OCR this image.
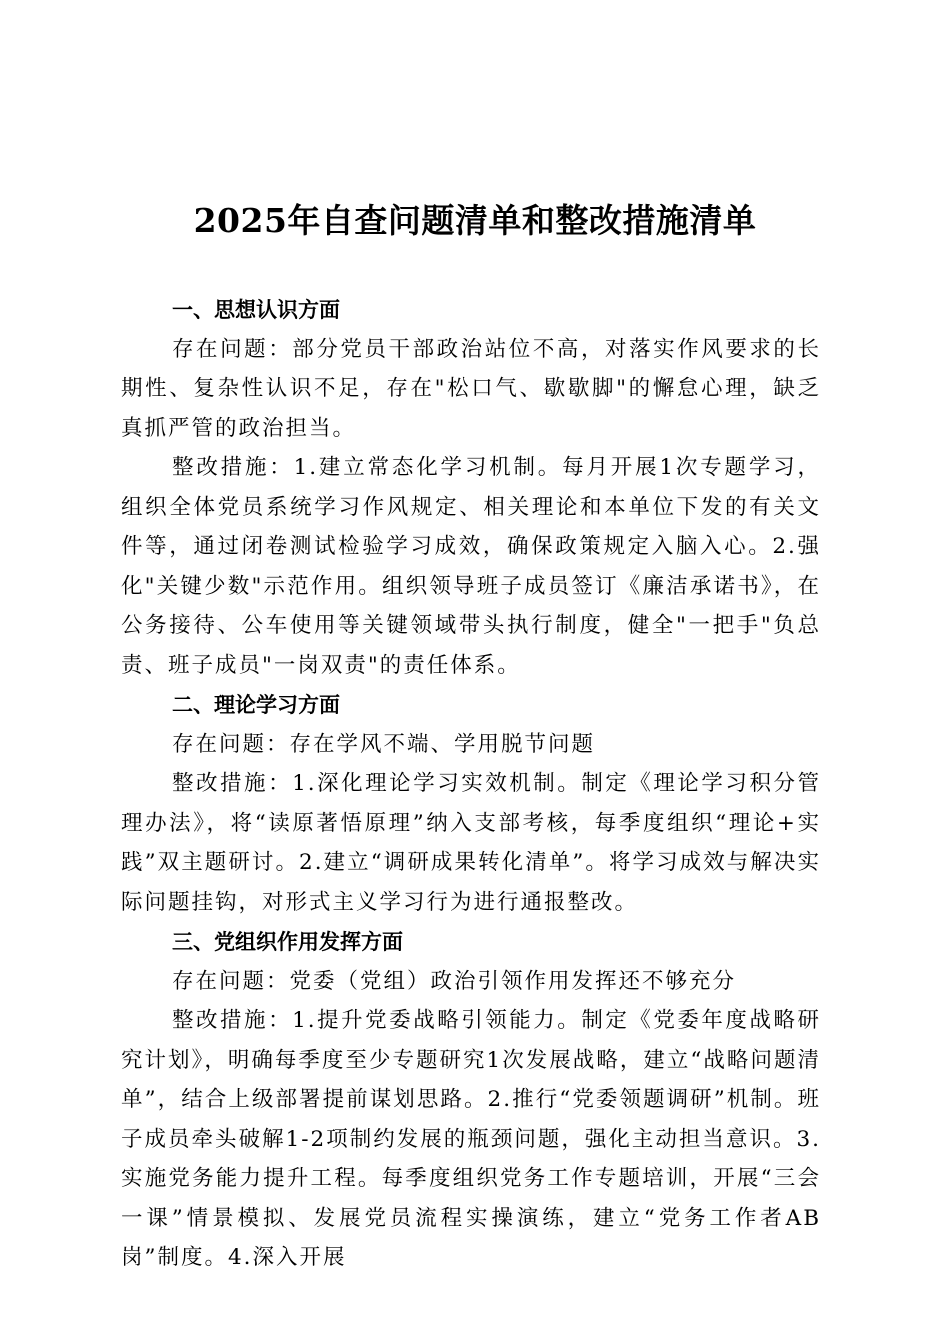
2025年自查问题清单和整改措施清单

一、思想认识方面

存在问题：部分党员干部政治站位不高，对落实作风要求的长期性、复杂性认识不足，存在"松口气、歇歇脚"的懈怠心理，缺乏真抓严管的政治担当。

整改措施：1.建立常态化学习机制。每月开展1次专题学习，组织全体党员系统学习作风规定、相关理论和本单位下发的有关文件等，通过闭卷测试检验学习成效，确保政策规定入脑入心。2.强化"关键少数"示范作用。组织领导班子成员签订《廉洁承诺书》，在公务接待、公车使用等关键领域带头执行制度，健全"一把手"负总责、班子成员"一岗双责"的责任体系。

二、理论学习方面

存在问题：存在学风不端、学用脱节问题

整改措施：1.深化理论学习实效机制。制定《理论学习积分管理办法》，将“读原著悟原理”纳入支部考核，每季度组织“理论+实践”双主题研讨。2.建立“调研成果转化清单”。将学习成效与解决实际问题挂钩，对形式主义学习行为进行通报整改。

三、党组织作用发挥方面

存在问题：党委（党组）政治引领作用发挥还不够充分

整改措施：1.提升党委战略引领能力。制定《党委年度战略研究计划》，明确每季度至少专题研究1次发展战略，建立“战略问题清单”，结合上级部署提前谋划思路。2.推行“党委领题调研”机制。班子成员牵头破解1-2项制约发展的瓶颈问题，强化主动担当意识。3.实施党务能力提升工程。每季度组织党务工作专题培训，开展“三会一课”情景模拟、发展党员流程实操演练，建立“党务工作者AB岗”制度。4.深入开展
